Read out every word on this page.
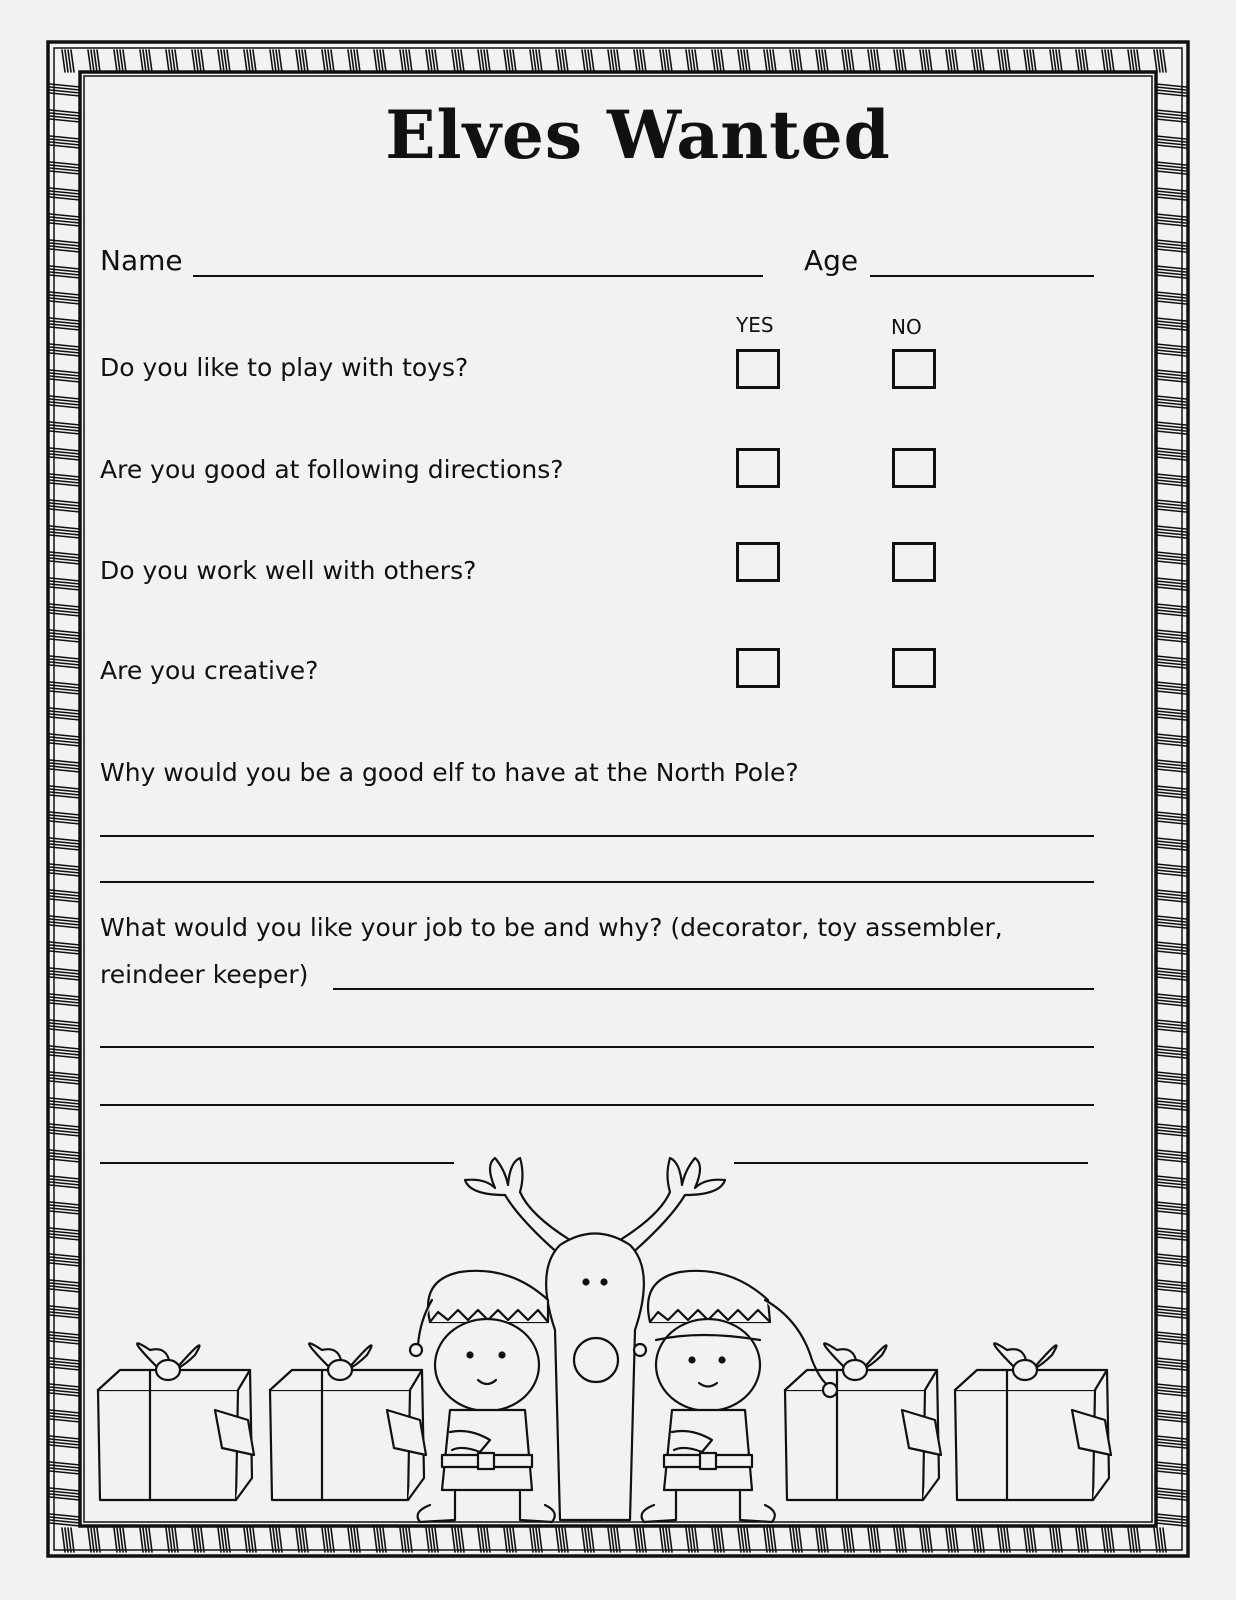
Elves Wanted
Name	Age
YES	NO
Do you like to play with toys?
Are you good at following directions?
Do you work well with others?
Are you creative?
Why would you be a good elf to have at the North Pole?
What would you like your job to be and why? (decorator, toy assembler,
reindeer keeper)
